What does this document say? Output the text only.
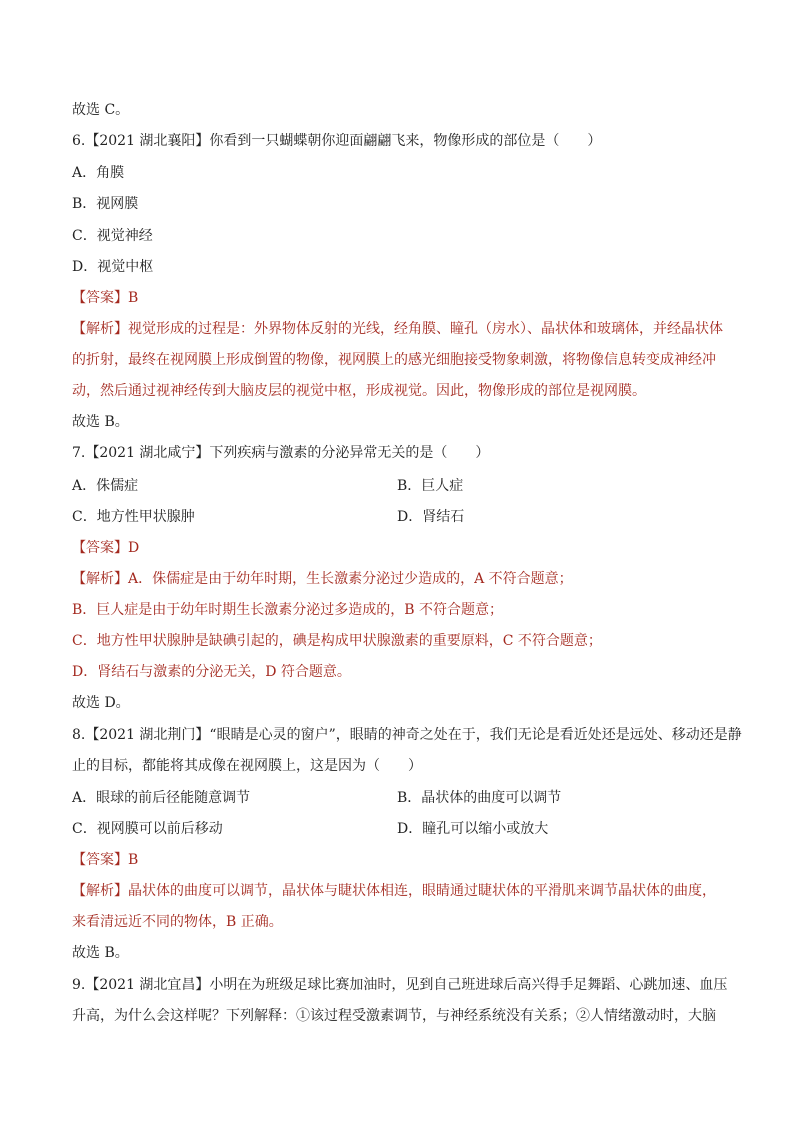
故选 C。
6.【2021 湖北襄阳】你看到一只蝴蝶朝你迎面翩翩飞来，物像形成的部位是（　　）
A．角膜
B．视网膜
C．视觉神经
D．视觉中枢
【答案】B
【解析】视觉形成的过程是：外界物体反射的光线，经角膜、瞳孔（房水）、晶状体和玻璃体，并经晶状体
的折射，最终在视网膜上形成倒置的物像，视网膜上的感光细胞接受物象刺激，将物像信息转变成神经冲
动，然后通过视神经传到大脑皮层的视觉中枢，形成视觉。因此，物像形成的部位是视网膜。
故选 B。
7.【2021 湖北咸宁】下列疾病与激素的分泌异常无关的是（　　）
A．侏儒症	B．巨人症
C．地方性甲状腺肿	D．肾结石
【答案】D
【解析】A．侏儒症是由于幼年时期，生长激素分泌过少造成的，A 不符合题意；
B．巨人症是由于幼年时期生长激素分泌过多造成的，B 不符合题意；
C．地方性甲状腺肿是缺碘引起的，碘是构成甲状腺激素的重要原料，C 不符合题意；
D．肾结石与激素的分泌无关，D 符合题意。
故选 D。
8.【2021 湖北荆门】“眼睛是心灵的窗户”，眼睛的神奇之处在于，我们无论是看近处还是远处、移动还是静
止的目标，都能将其成像在视网膜上，这是因为（　　）
A．眼球的前后径能随意调节	B．晶状体的曲度可以调节
C．视网膜可以前后移动	D．瞳孔可以缩小或放大
【答案】B
【解析】晶状体的曲度可以调节，晶状体与睫状体相连，眼睛通过睫状体的平滑肌来调节晶状体的曲度，
来看清远近不同的物体，B 正确。
故选 B。
9.【2021 湖北宜昌】小明在为班级足球比赛加油时，见到自己班进球后高兴得手足舞蹈、心跳加速、血压
升高，为什么会这样呢？下列解释：①该过程受激素调节，与神经系统没有关系；②人情绪激动时，大脑
